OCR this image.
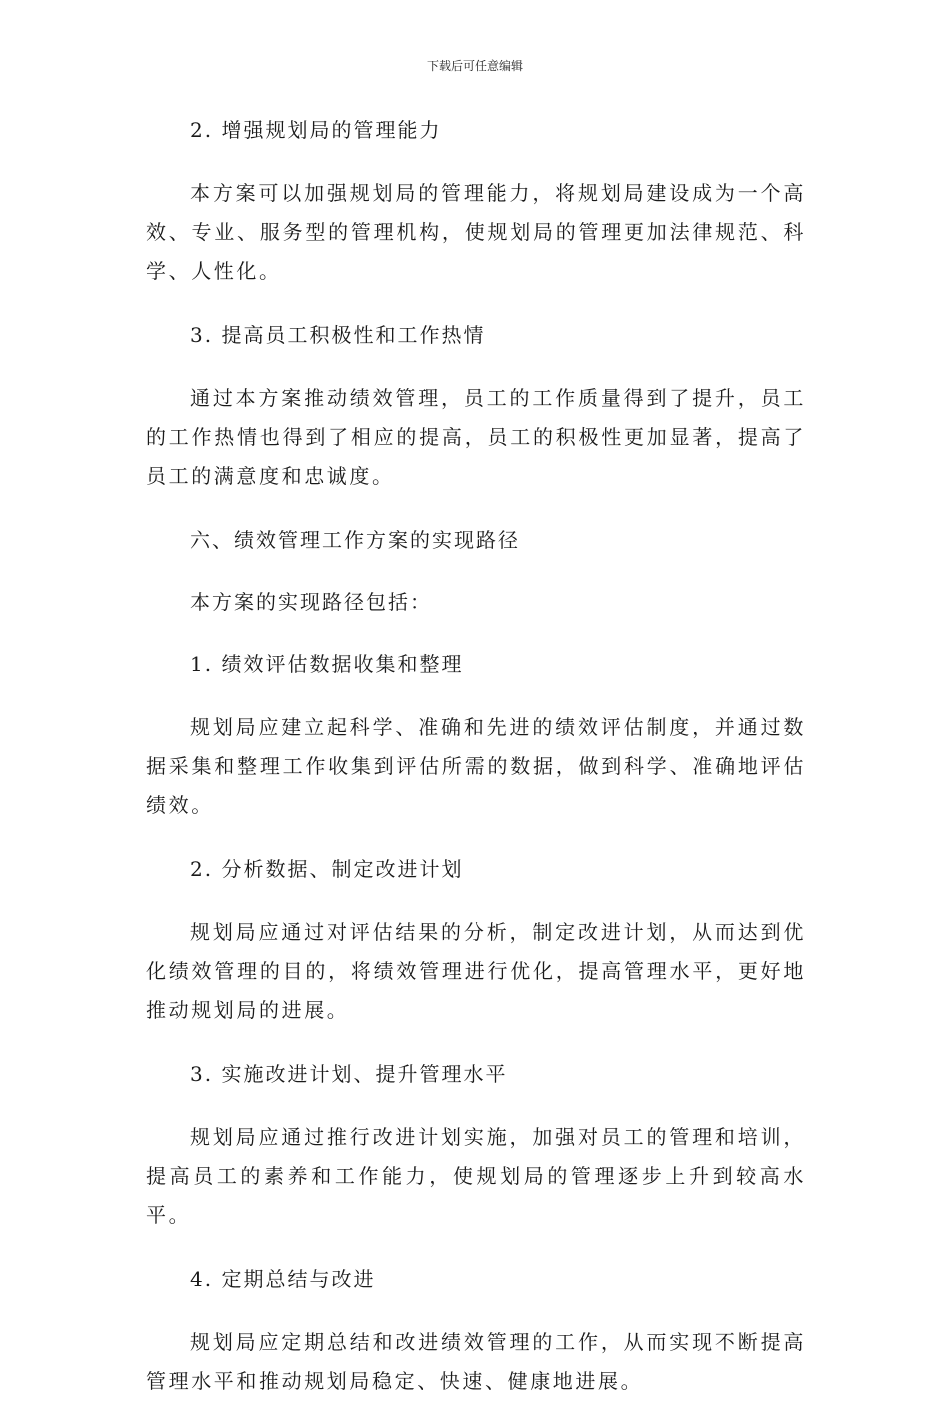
下载后可任意编辑
2. 增强规划局的管理能力
本方案可以加强规划局的管理能力，将规划局建设成为一个高效、专业、服务型的管理机构，使规划局的管理更加法律规范、科学、人性化。
3. 提高员工积极性和工作热情
通过本方案推动绩效管理，员工的工作质量得到了提升，员工的工作热情也得到了相应的提高，员工的积极性更加显著，提高了员工的满意度和忠诚度。
六、绩效管理工作方案的实现路径
本方案的实现路径包括：
1. 绩效评估数据收集和整理
规划局应建立起科学、准确和先进的绩效评估制度，并通过数据采集和整理工作收集到评估所需的数据，做到科学、准确地评估绩效。
2. 分析数据、制定改进计划
规划局应通过对评估结果的分析，制定改进计划，从而达到优化绩效管理的目的，将绩效管理进行优化，提高管理水平，更好地推动规划局的进展。
3. 实施改进计划、提升管理水平
规划局应通过推行改进计划实施，加强对员工的管理和培训，提高员工的素养和工作能力，使规划局的管理逐步上升到较高水平。
4. 定期总结与改进
规划局应定期总结和改进绩效管理的工作，从而实现不断提高管理水平和推动规划局稳定、快速、健康地进展。
